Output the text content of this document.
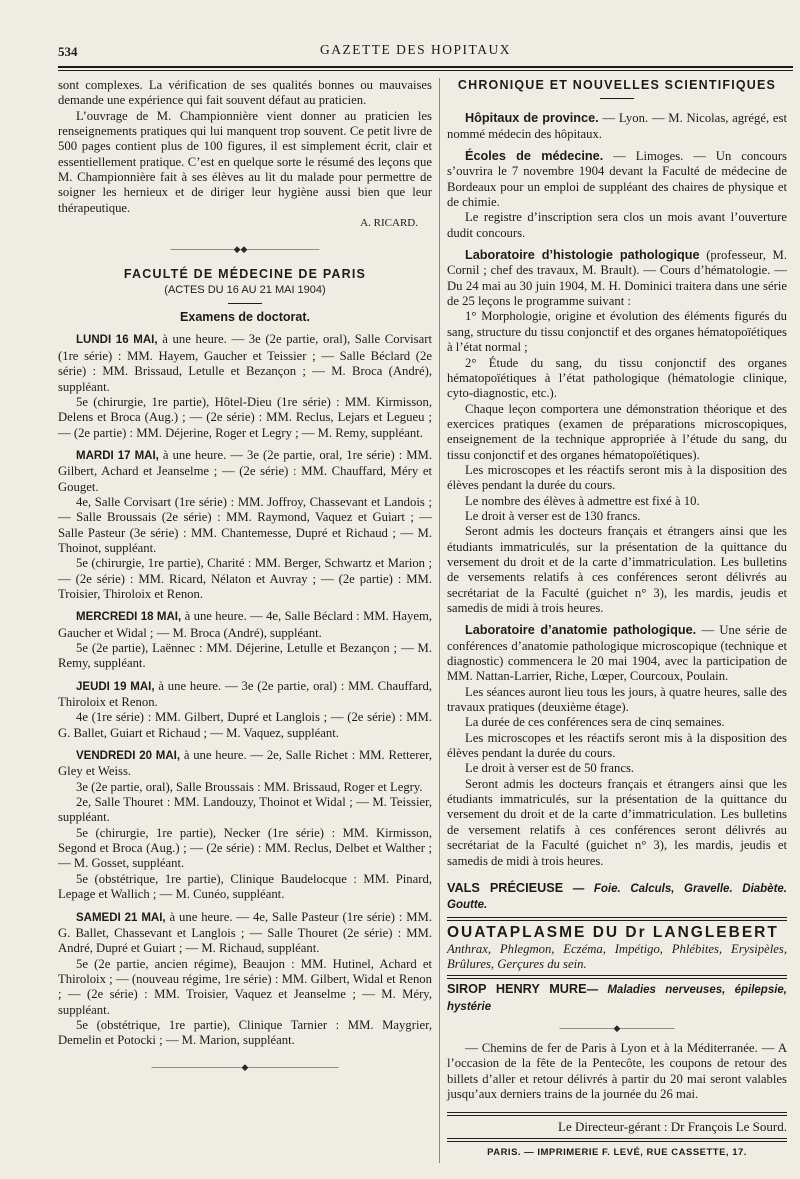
534	GAZETTE DES HOPITAUX

sont complexes. La vérification de ses qualités bonnes ou mauvaises demande une expérience qui fait souvent défaut au praticien.

L’ouvrage de M. Championnière vient donner au praticien les renseignements pratiques qui lui manquent trop souvent. Ce petit livre de 500 pages contient plus de 100 figures, il est simplement écrit, clair et essentiellement pratique. C’est en quelque sorte le résumé des leçons que M. Championnière fait à ses élèves au lit du malade pour permettre de soigner les hernieux et de diriger leur hygiène aussi bien que leur thérapeutique.

A. RICARD.
———————◆◆————————
FACULTÉ DE MÉDECINE DE PARIS
(ACTES DU 16 AU 21 MAI 1904)
Examens de doctorat.

LUNDI 16 MAI, à une heure. — 3e (2e partie, oral), Salle Corvisart (1re série) : MM. Hayem, Gaucher et Teissier ; — Salle Béclard (2e série) : MM. Brissaud, Letulle et Bezançon ; — M. Broca (André), suppléant.

5e (chirurgie, 1re partie), Hôtel-Dieu (1re série) : MM. Kirmisson, Delens et Broca (Aug.) ; — (2e série) : MM. Reclus, Lejars et Legueu ; — (2e partie) : MM. Déjerine, Roger et Legry ; — M. Remy, suppléant.

MARDI 17 MAI, à une heure. — 3e (2e partie, oral, 1re série) : MM. Gilbert, Achard et Jeanselme ; — (2e série) : MM. Chauffard, Méry et Gouget.

4e, Salle Corvisart (1re série) : MM. Joffroy, Chassevant et Landois ; — Salle Broussais (2e série) : MM. Raymond, Vaquez et Guiart ; — Salle Pasteur (3e série) : MM. Chantemesse, Dupré et Richaud ; — M. Thoinot, suppléant.

5e (chirurgie, 1re partie), Charité : MM. Berger, Schwartz et Marion ; — (2e série) : MM. Ricard, Nélaton et Auvray ; — (2e partie) : MM. Troisier, Thiroloix et Renon.

MERCREDI 18 MAI, à une heure. — 4e, Salle Béclard : MM. Hayem, Gaucher et Widal ; — M. Broca (André), suppléant.

5e (2e partie), Laënnec : MM. Déjerine, Letulle et Bezançon ; — M. Remy, suppléant.

JEUDI 19 MAI, à une heure. — 3e (2e partie, oral) : MM. Chauffard, Thiroloix et Renon.

4e (1re série) : MM. Gilbert, Dupré et Langlois ; — (2e série) : MM. G. Ballet, Guiart et Richaud ; — M. Vaquez, suppléant.

VENDREDI 20 MAI, à une heure. — 2e, Salle Richet : MM. Retterer, Gley et Weiss.

3e (2e partie, oral), Salle Broussais : MM. Brissaud, Roger et Legry.

2e, Salle Thouret : MM. Landouzy, Thoinot et Widal ; — M. Teissier, suppléant.

5e (chirurgie, 1re partie), Necker (1re série) : MM. Kirmisson, Segond et Broca (Aug.) ; — (2e série) : MM. Reclus, Delbet et Walther ; — M. Gosset, suppléant.

5e (obstétrique, 1re partie), Clinique Baudelocque : MM. Pinard, Lepage et Wallich ; — M. Cunéo, suppléant.

SAMEDI 21 MAI, à une heure. — 4e, Salle Pasteur (1re série) : MM. G. Ballet, Chassevant et Langlois ; — Salle Thouret (2e série) : MM. André, Dupré et Guiart ; — M. Richaud, suppléant.

5e (2e partie, ancien régime), Beaujon : MM. Hutinel, Achard et Thiroloix ; — (nouveau régime, 1re série) : MM. Gilbert, Widal et Renon ; — (2e série) : MM. Troisier, Vaquez et Jeanselme ; — M. Méry, suppléant.

5e (obstétrique, 1re partie), Clinique Tarnier : MM. Maygrier, Demelin et Potocki ; — M. Marion, suppléant.

——————————◆——————————
CHRONIQUE ET NOUVELLES SCIENTIFIQUES

Hôpitaux de province. — Lyon. — M. Nicolas, agrégé, est nommé médecin des hôpitaux.

Écoles de médecine. — Limoges. — Un concours s’ouvrira le 7 novembre 1904 devant la Faculté de médecine de Bordeaux pour un emploi de suppléant des chaires de physique et de chimie.

Le registre d’inscription sera clos un mois avant l’ouverture dudit concours.

Laboratoire d’histologie pathologique (professeur, M. Cornil ; chef des travaux, M. Brault). — Cours d’hématologie. — Du 24 mai au 30 juin 1904, M. H. Dominici traitera dans une série de 25 leçons le programme suivant :

1° Morphologie, origine et évolution des éléments figurés du sang, structure du tissu conjonctif et des organes hématopoïétiques à l’état normal ;

2° Étude du sang, du tissu conjonctif des organes hématopoïétiques à l’état pathologique (hématologie clinique, cyto-diagnostic, etc.).

Chaque leçon comportera une démonstration théorique et des exercices pratiques (examen de préparations microscopiques, enseignement de la technique appropriée à l’étude du sang, du tissu conjonctif et des organes hématopoïétiques).

Les microscopes et les réactifs seront mis à la disposition des élèves pendant la durée du cours.

Le nombre des élèves à admettre est fixé à 10.

Le droit à verser est de 130 francs.

Seront admis les docteurs français et étrangers ainsi que les étudiants immatriculés, sur la présentation de la quittance du versement du droit et de la carte d’immatriculation. Les bulletins de versements relatifs à ces conférences seront délivrés au secrétariat de la Faculté (guichet n° 3), les mardis, jeudis et samedis de midi à trois heures.

Laboratoire d’anatomie pathologique. — Une série de conférences d’anatomie pathologique microscopique (technique et diagnostic) commencera le 20 mai 1904, avec la participation de MM. Nattan-Larrier, Riche, Lœper, Courcoux, Poulain.

Les séances auront lieu tous les jours, à quatre heures, salle des travaux pratiques (deuxième étage).

La durée de ces conférences sera de cinq semaines.

Les microscopes et les réactifs seront mis à la disposition des élèves pendant la durée du cours.

Le droit à verser est de 50 francs.

Seront admis les docteurs français et étrangers ainsi que les étudiants immatriculés, sur la présentation de la quittance du versement du droit et de la carte d’immatriculation. Les bulletins de versement relatifs à ces conférences seront délivrés au secrétariat de la Faculté (guichet n° 3), les mardis, jeudis et samedis de midi à trois heures.

VALS PRÉCIEUSE — Foie. Calculs, Gravelle. Diabète. Goutte.

OUATAPLASME DU Dr LANGLEBERT

Anthrax, Phlegmon, Eczéma, Impétigo, Phlébites, Erysipèles, Brûlures, Gerçures du sein.

SIROP HENRY MURE— Maladies nerveuses, épilepsie, hystérie

——————◆——————

— Chemins de fer de Paris à Lyon et à la Méditerranée. — A l’occasion de la fête de la Pentecôte, les coupons de retour des billets d’aller et retour délivrés à partir du 20 mai seront valables jusqu’aux derniers trains de la journée du 26 mai.

Le Directeur-gérant : Dr François Le Sourd.
PARIS. — IMPRIMERIE F. LEVÉ, RUE CASSETTE, 17.
